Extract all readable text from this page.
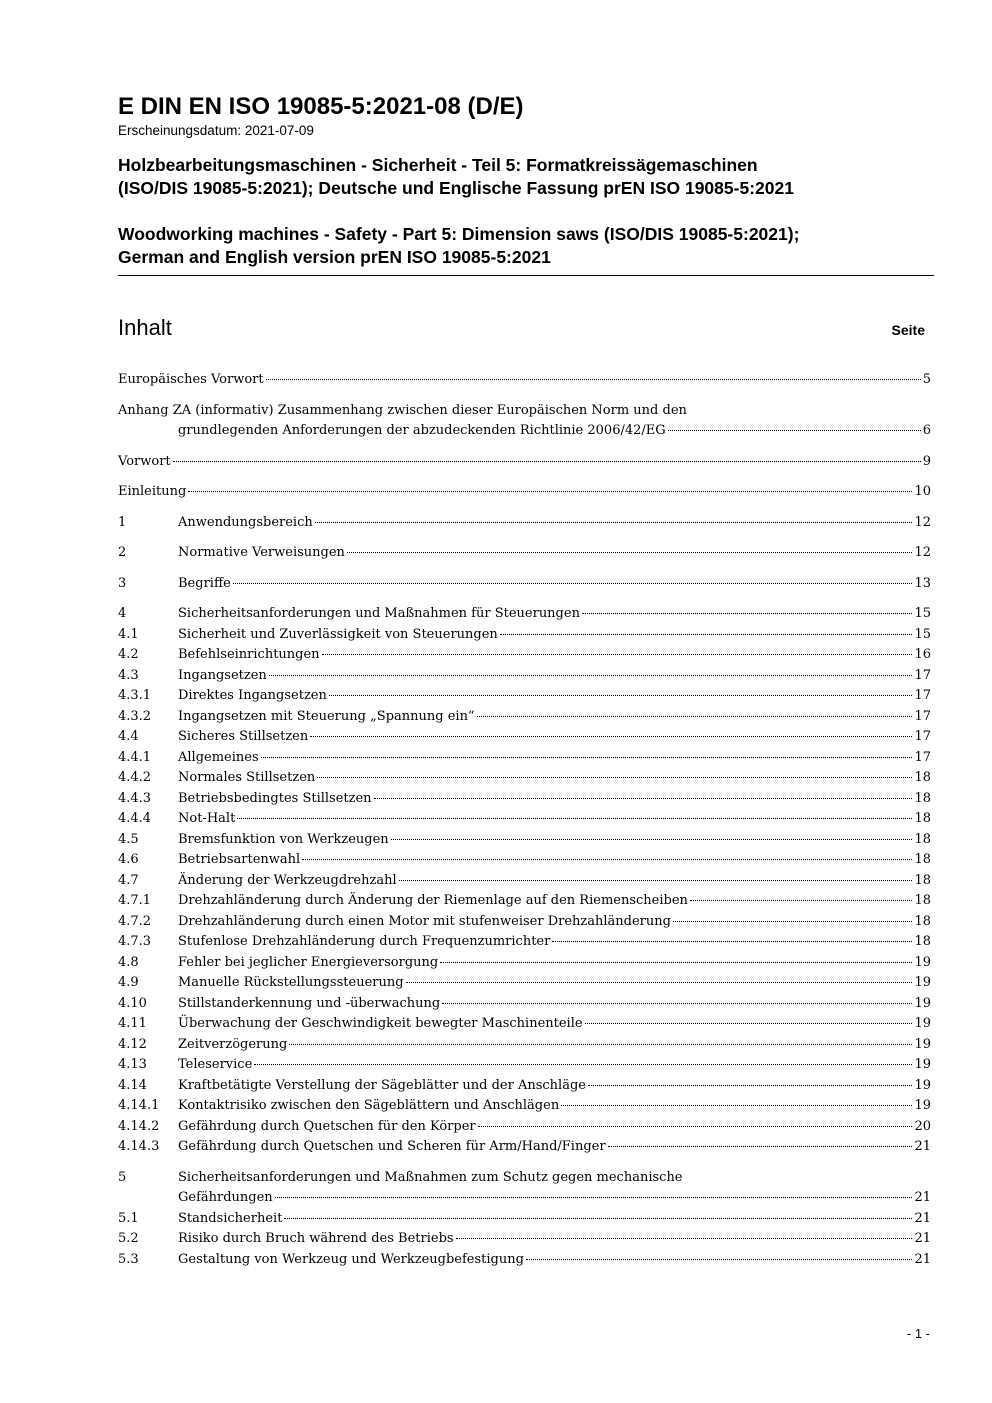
E DIN EN ISO 19085-5:2021-08 (D/E)

Erscheinungsdatum: 2021-07-09

Holzbearbeitungsmaschinen - Sicherheit - Teil 5: Formatkreissägemaschinen

(ISO/DIS 19085-5:2021); Deutsche und Englische Fassung prEN ISO 19085-5:2021

Woodworking machines - Safety - Part 5: Dimension saws (ISO/DIS 19085-5:2021);

German and English version prEN ISO 19085-5:2021

Inhalt	Seite
Europäisches Vorwort	5
Anhang ZA (informativ) Zusammenhang zwischen dieser Europäischen Norm und den
grundlegenden Anforderungen der abzudeckenden Richtlinie 2006/42/EG	6
Vorwort	9
Einleitung	10
1	Anwendungsbereich	12
2	Normative Verweisungen	12
3	Begriffe	13
4	Sicherheitsanforderungen und Maßnahmen für Steuerungen	15
4.1	Sicherheit und Zuverlässigkeit von Steuerungen	15
4.2	Befehlseinrichtungen	16
4.3	Ingangsetzen	17
4.3.1 Direktes Ingangsetzen	17
4.3.2 Ingangsetzen mit Steuerung „Spannung ein“	17
4.4	Sicheres Stillsetzen	17
4.4.1 Allgemeines	17
4.4.2 Normales Stillsetzen	18
4.4.3 Betriebsbedingtes Stillsetzen	18
4.4.4 Not-Halt	18
4.5	Bremsfunktion von Werkzeugen	18
4.6	Betriebsartenwahl	18
4.7	Änderung der Werkzeugdrehzahl	18
4.7.1 Drehzahländerung durch Änderung der Riemenlage auf den Riemenscheiben	18
4.7.2 Drehzahländerung durch einen Motor mit stufenweiser Drehzahländerung	18
4.7.3 Stufenlose Drehzahländerung durch Frequenzumrichter	18
4.8	Fehler bei jeglicher Energieversorgung	19
4.9	Manuelle Rückstellungssteuerung	19
4.10 Stillstanderkennung und -überwachung	19
4.11 Überwachung der Geschwindigkeit bewegter Maschinenteile	19
4.12 Zeitverzögerung	19
4.13 Teleservice	19
4.14 Kraftbetätigte Verstellung der Sägeblätter und der Anschläge	19
4.14.1 Kontaktrisiko zwischen den Sägeblättern und Anschlägen	19
4.14.2 Gefährdung durch Quetschen für den Körper	20
4.14.3 Gefährdung durch Quetschen und Scheren für Arm/Hand/Finger	21
5	Sicherheitsanforderungen und Maßnahmen zum Schutz gegen mechanische
Gefährdungen	21
5.1	Standsicherheit	21
5.2	Risiko durch Bruch während des Betriebs	21
5.3	Gestaltung von Werkzeug und Werkzeugbefestigung	21
- 1 -
